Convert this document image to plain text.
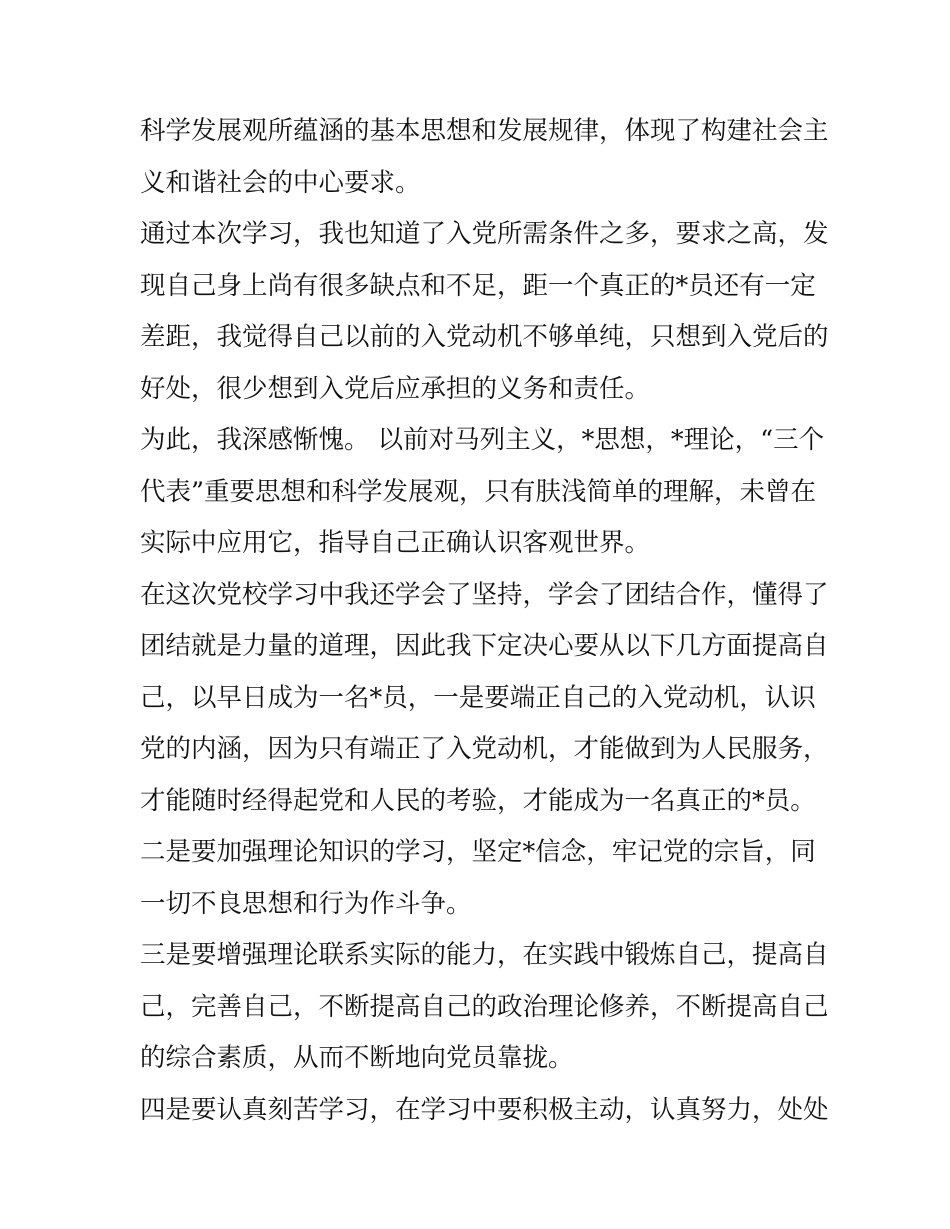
科学发展观所蕴涵的基本思想和发展规律，体现了构建社会主
义和谐社会的中心要求。
通过本次学习，我也知道了入党所需条件之多，要求之高，发
现自己身上尚有很多缺点和不足，距一个真正的*员还有一定
差距，我觉得自己以前的入党动机不够单纯，只想到入党后的
好处，很少想到入党后应承担的义务和责任。
为此，我深感惭愧。 以前对马列主义，*思想，*理论，“三个
代表”重要思想和科学发展观，只有肤浅简单的理解，未曾在
实际中应用它，指导自己正确认识客观世界。
在这次党校学习中我还学会了坚持，学会了团结合作，懂得了
团结就是力量的道理，因此我下定决心要从以下几方面提高自
己，以早日成为一名*员，一是要端正自己的入党动机，认识
党的内涵，因为只有端正了入党动机，才能做到为人民服务，
才能随时经得起党和人民的考验，才能成为一名真正的*员。
二是要加强理论知识的学习，坚定*信念，牢记党的宗旨，同
一切不良思想和行为作斗争。
三是要增强理论联系实际的能力，在实践中锻炼自己，提高自
己，完善自己，不断提高自己的政治理论修养，不断提高自己
的综合素质，从而不断地向党员靠拢。
四是要认真刻苦学习，在学习中要积极主动，认真努力，处处
